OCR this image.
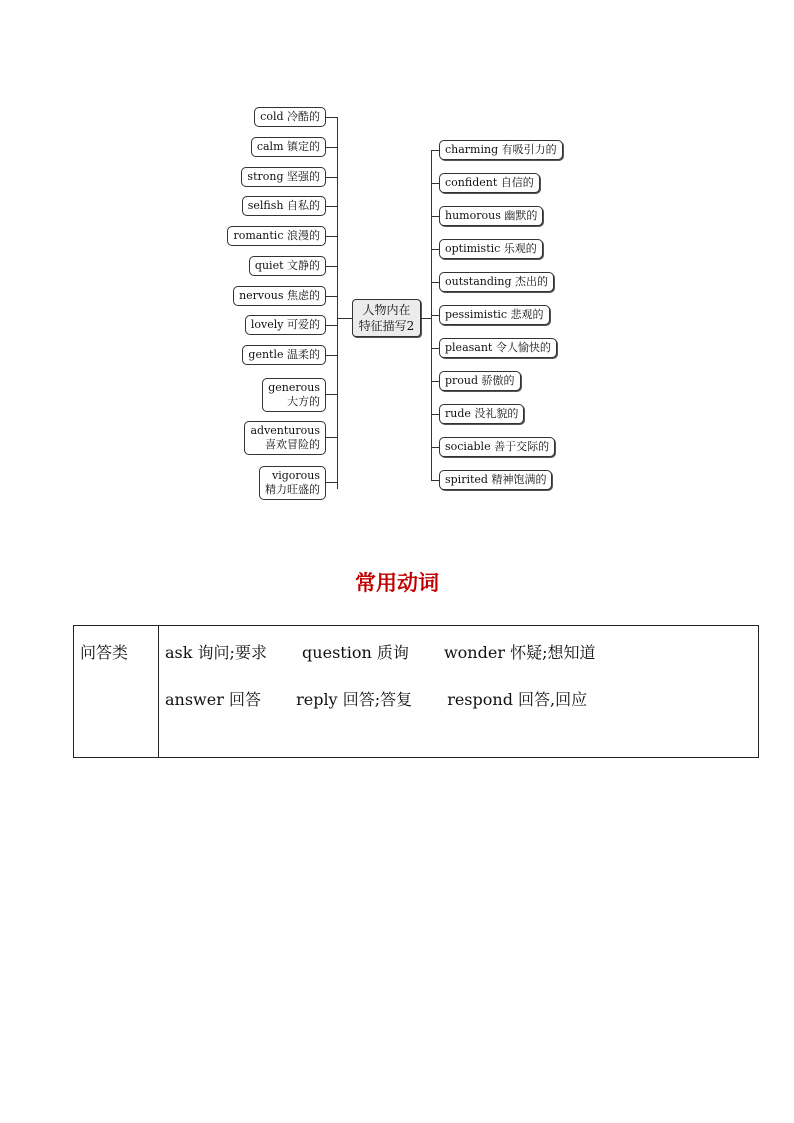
人物内在
特征描写2
cold 冷酷的
calm 镇定的
strong 坚强的
selfish 自私的
romantic 浪漫的
quiet 文静的
nervous 焦虑的
lovely 可爱的
gentle 温柔的
generous
大方的
adventurous
喜欢冒险的
vigorous
精力旺盛的
charming 有吸引力的
confident 自信的
humorous 幽默的
optimistic 乐观的
outstanding 杰出的
pessimistic 悲观的
pleasant 令人愉快的
proud 骄傲的
rude 没礼貌的
sociable 善于交际的
spirited 精神饱满的
常用动词
问答类	ask 询问;要求 question 质询 wonder 怀疑;想知道
answer 回答 reply 回答;答复 respond 回答,回应
